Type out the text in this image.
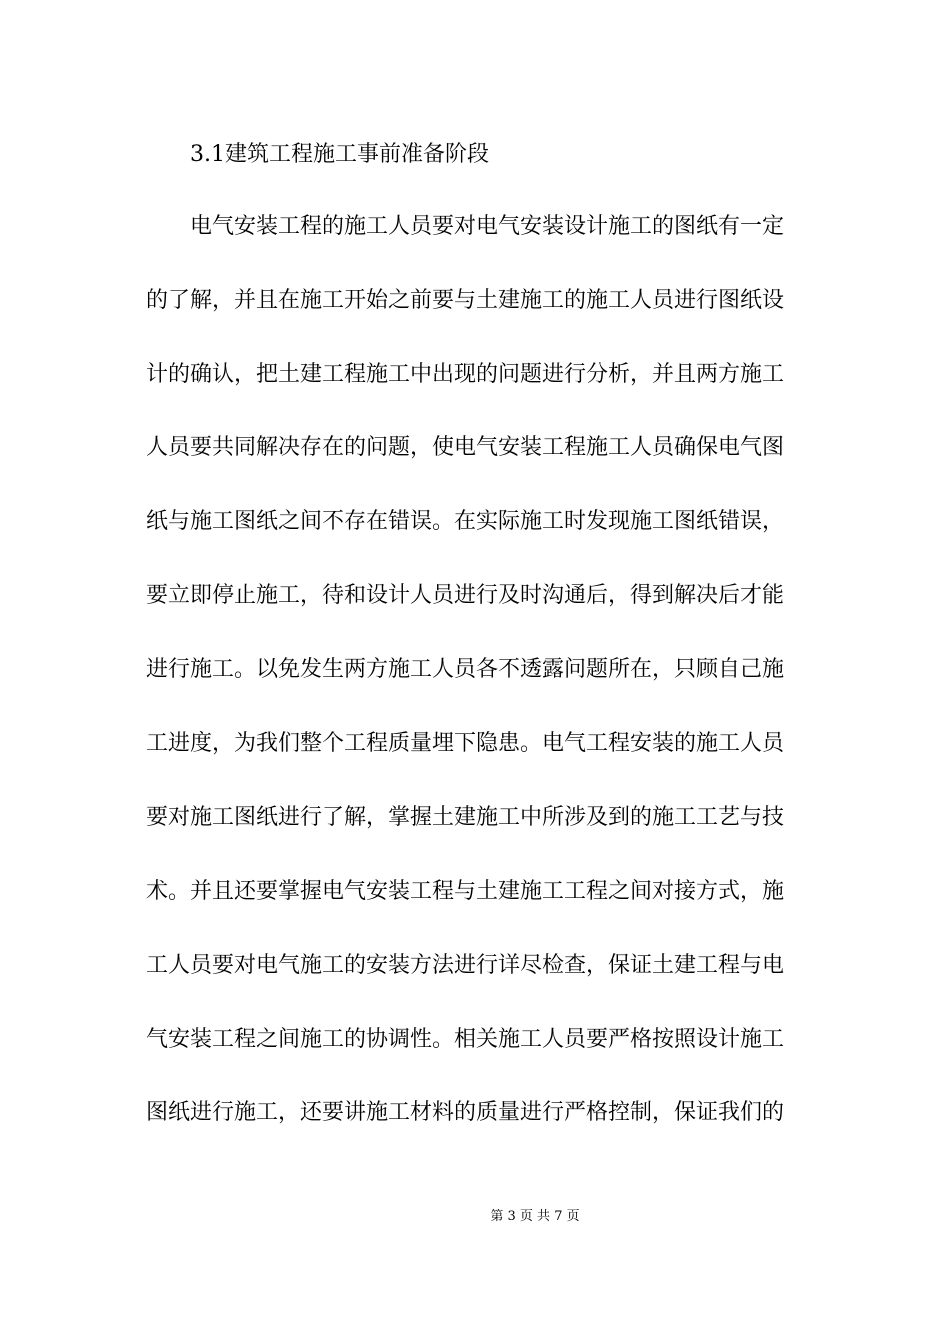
3.1建筑工程施工事前准备阶段
电气安装工程的施工人员要对电气安装设计施工的图纸有一定
的了解，并且在施工开始之前要与土建施工的施工人员进行图纸设
计的确认，把土建工程施工中出现的问题进行分析，并且两方施工
人员要共同解决存在的问题，使电气安装工程施工人员确保电气图
纸与施工图纸之间不存在错误。在实际施工时发现施工图纸错误，
要立即停止施工，待和设计人员进行及时沟通后，得到解决后才能
进行施工。以免发生两方施工人员各不透露问题所在，只顾自己施
工进度，为我们整个工程质量埋下隐患。电气工程安装的施工人员
要对施工图纸进行了解，掌握土建施工中所涉及到的施工工艺与技
术。并且还要掌握电气安装工程与土建施工工程之间对接方式，施
工人员要对电气施工的安装方法进行详尽检查，保证土建工程与电
气安装工程之间施工的协调性。相关施工人员要严格按照设计施工
图纸进行施工，还要讲施工材料的质量进行严格控制，保证我们的
第 3 页 共 7 页
